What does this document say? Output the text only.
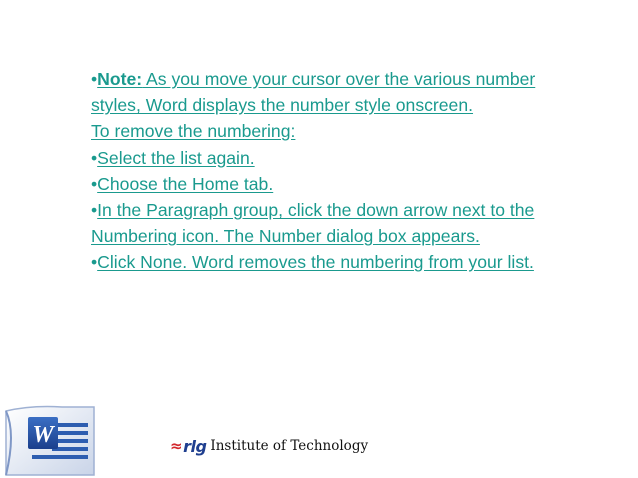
•Note: As you move your cursor over the various number styles, Word displays the number style onscreen.

To remove the numbering:

•Select the list again.

•Choose the Home tab.

•In the Paragraph group, click the down arrow next to the Numbering icon. The Number dialog box appears.

•Click None. Word removes the numbering from your list.

W	≈ rlg Institute of Technology
